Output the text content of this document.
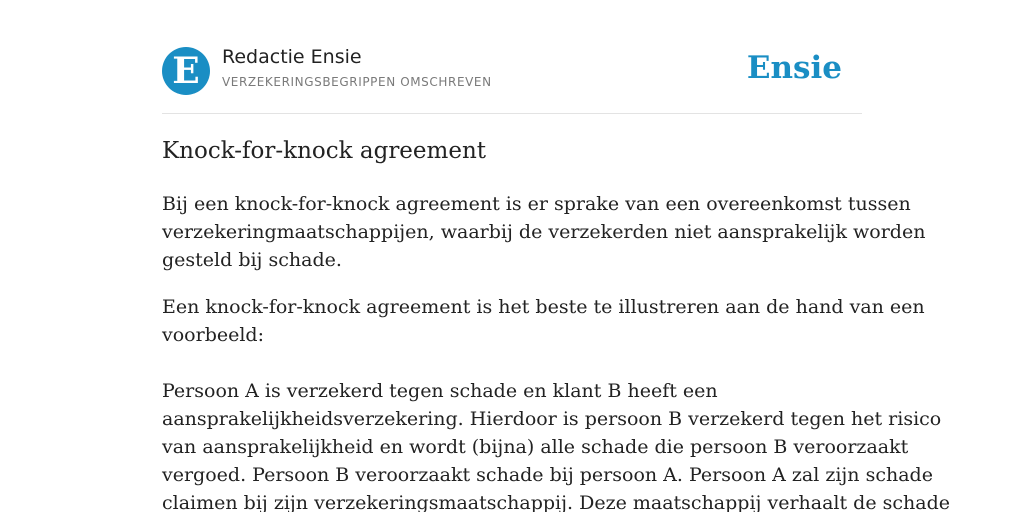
E	Redactie Ensie
VERZEKERINGSBEGRIPPEN OMSCHREVEN	Ensie
Knock-for-knock agreement

Bij een knock-for-knock agreement is er sprake van een overeenkomst tussen
verzekeringmaatschappijen, waarbij de verzekerden niet aansprakelijk worden
gesteld bij schade.

Een knock-for-knock agreement is het beste te illustreren aan de hand van een
voorbeeld:
Persoon A is verzekerd tegen schade en klant B heeft een
aansprakelijkheidsverzekering. Hierdoor is persoon B verzekerd tegen het risico
van aansprakelijkheid en wordt (bijna) alle schade die persoon B veroorzaakt
vergoed. Persoon B veroorzaakt schade bij persoon A. Persoon A zal zijn schade
claimen bij zijn verzekeringsmaatschappij. Deze maatschappij verhaalt de schade
